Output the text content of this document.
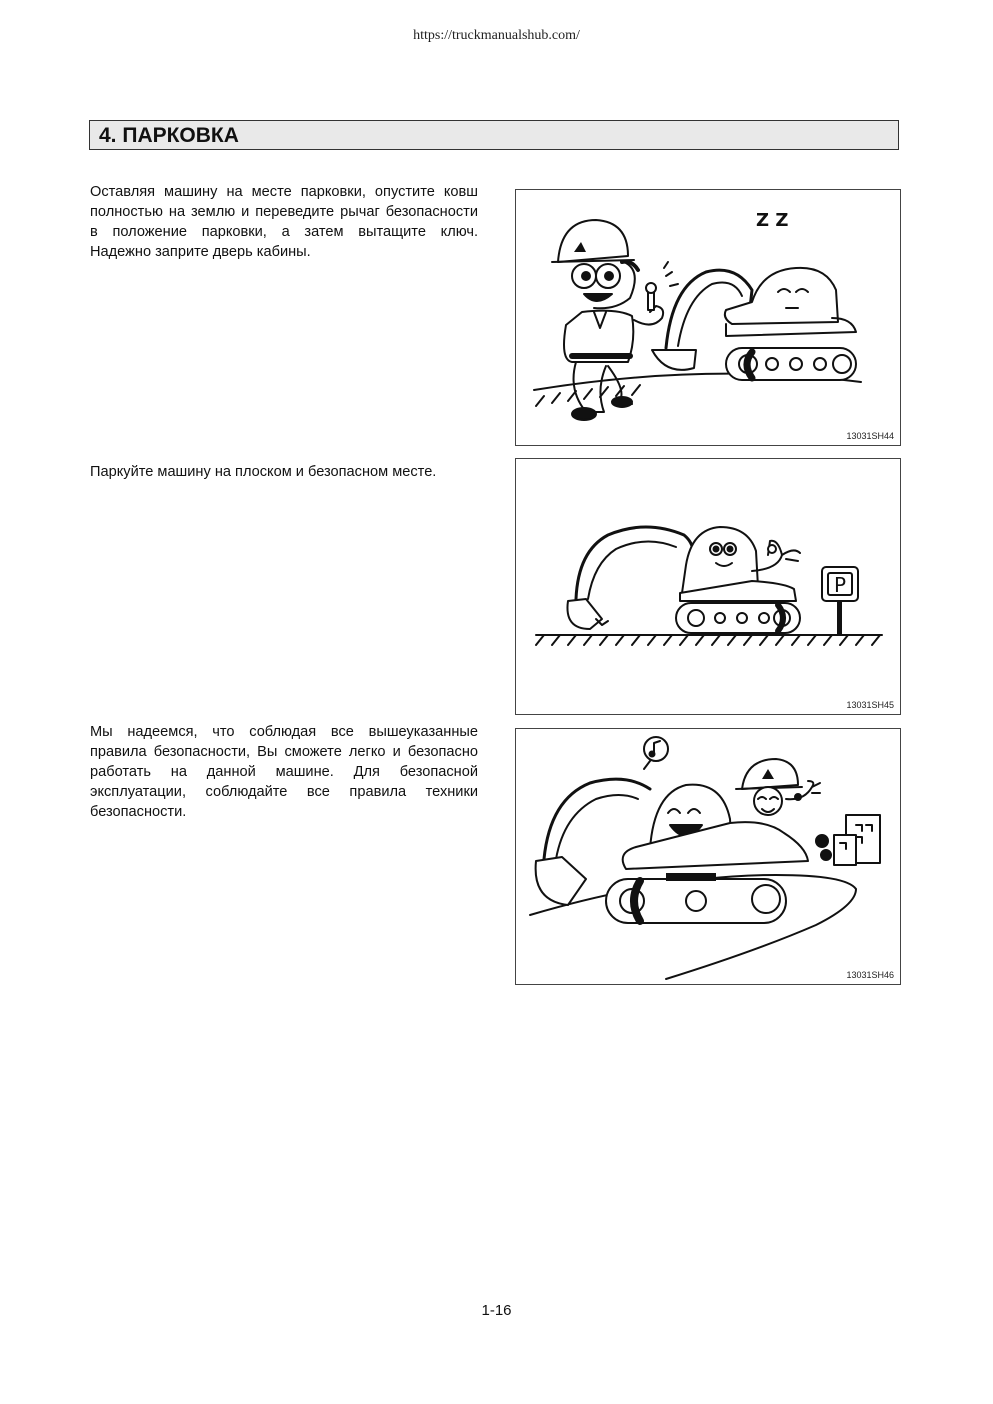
https://truckmanualshub.com/
4. ПАРКОВКА

Оставляя машину на месте парковки, опустите ковш полностью на землю и переведите рычаг безопасности в положение парковки, а затем вытащите ключ. Надежно заприте дверь кабины.

Паркуйте машину на плоском и безопасном месте.

Мы надеемся, что соблюдая все вышеуказанные правила безопасности, Вы сможете легко и безопасно работать на данной машине. Для безопасной эксплуатации, соблюдайте все правила техники безопасности.

Z Z
13031SH44
P
13031SH45
13031SH46
1-16
